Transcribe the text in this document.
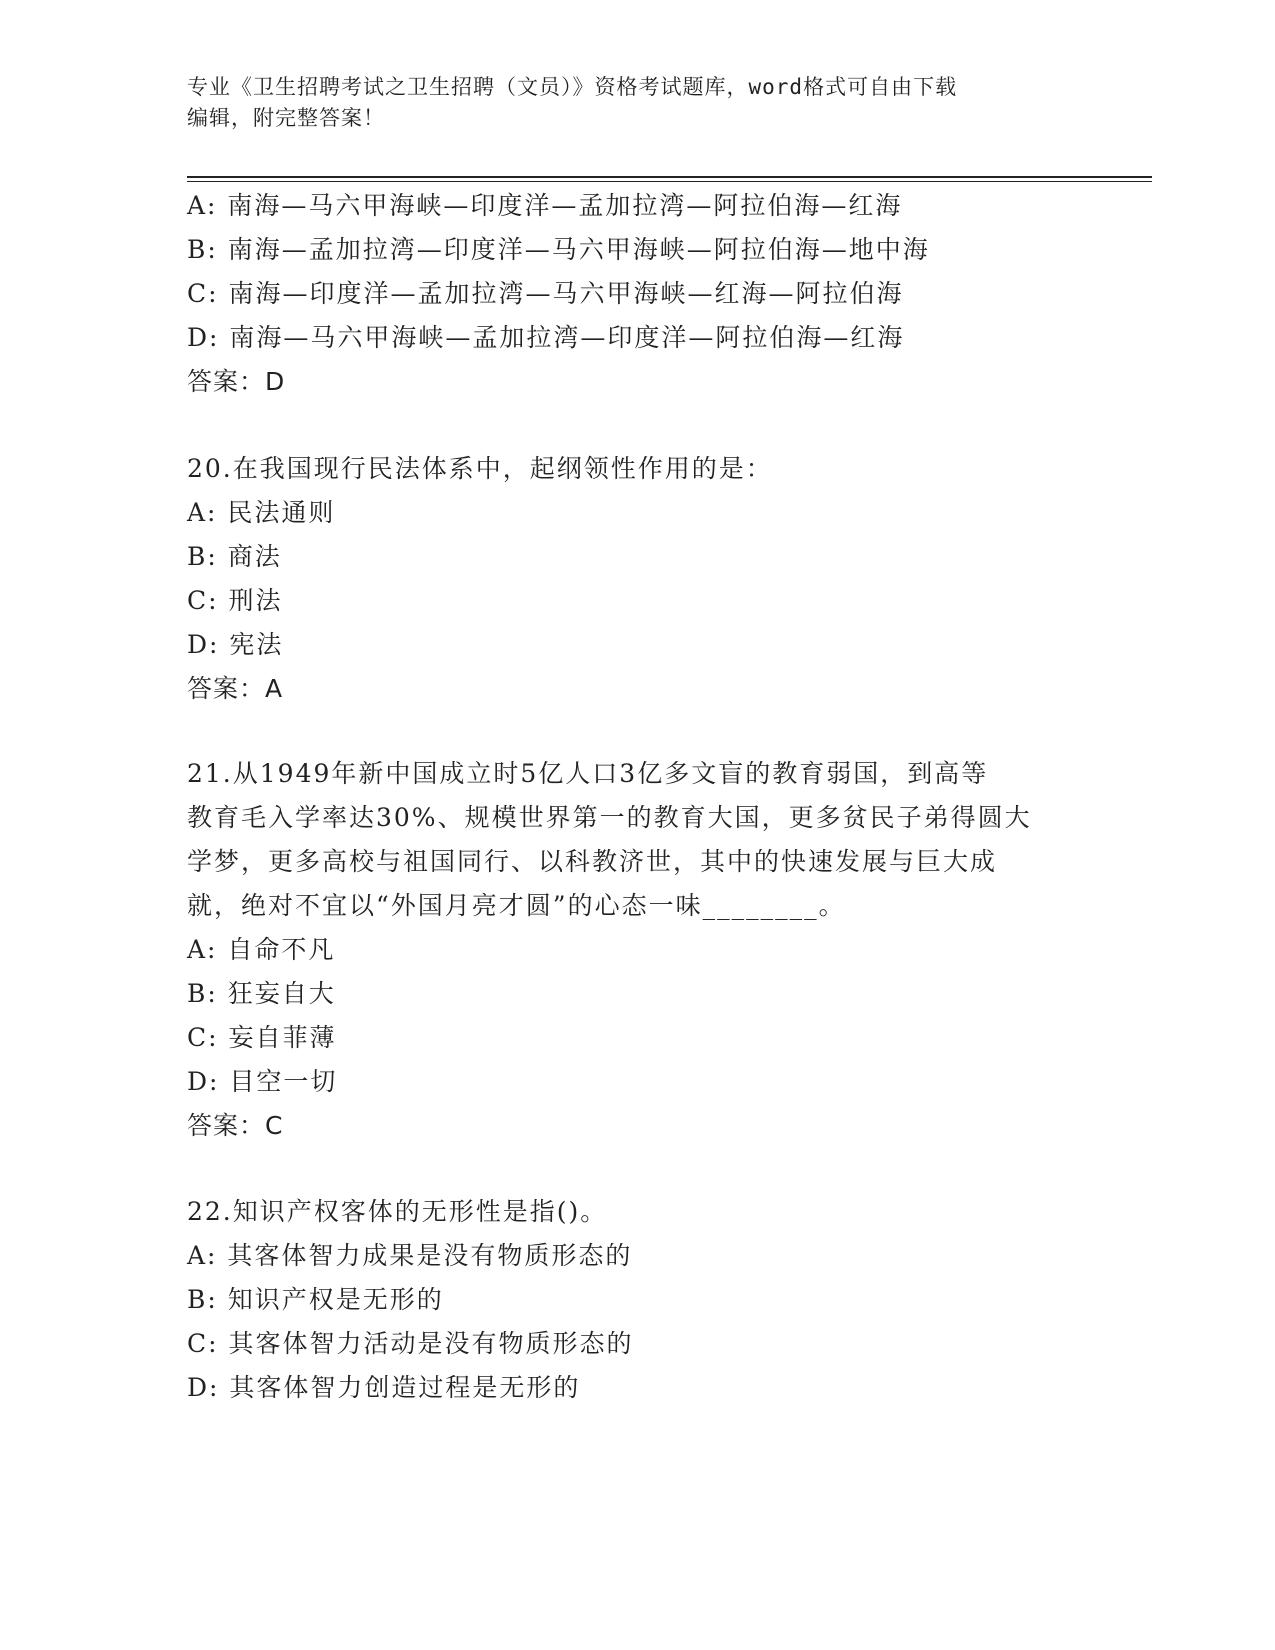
专业《卫生招聘考试之卫生招聘（文员）》资格考试题库，word格式可自由下载
编辑，附完整答案！
A: 南海—马六甲海峡—印度洋—孟加拉湾—阿拉伯海—红海
B: 南海—孟加拉湾—印度洋—马六甲海峡—阿拉伯海—地中海
C: 南海—印度洋—孟加拉湾—马六甲海峡—红海—阿拉伯海
D: 南海—马六甲海峡—孟加拉湾—印度洋—阿拉伯海—红海
答案：D
20.在我国现行民法体系中，起纲领性作用的是：
A: 民法通则
B: 商法
C: 刑法
D: 宪法
答案：A
21.从1949年新中国成立时5亿人口3亿多文盲的教育弱国，到高等
教育毛入学率达30%、规模世界第一的教育大国，更多贫民子弟得圆大
学梦，更多高校与祖国同行、以科教济世，其中的快速发展与巨大成
就，绝对不宜以“外国月亮才圆”的心态一味________。
A: 自命不凡
B: 狂妄自大
C: 妄自菲薄
D: 目空一切
答案：C
22.知识产权客体的无形性是指()。
A: 其客体智力成果是没有物质形态的
B: 知识产权是无形的
C: 其客体智力活动是没有物质形态的
D: 其客体智力创造过程是无形的
